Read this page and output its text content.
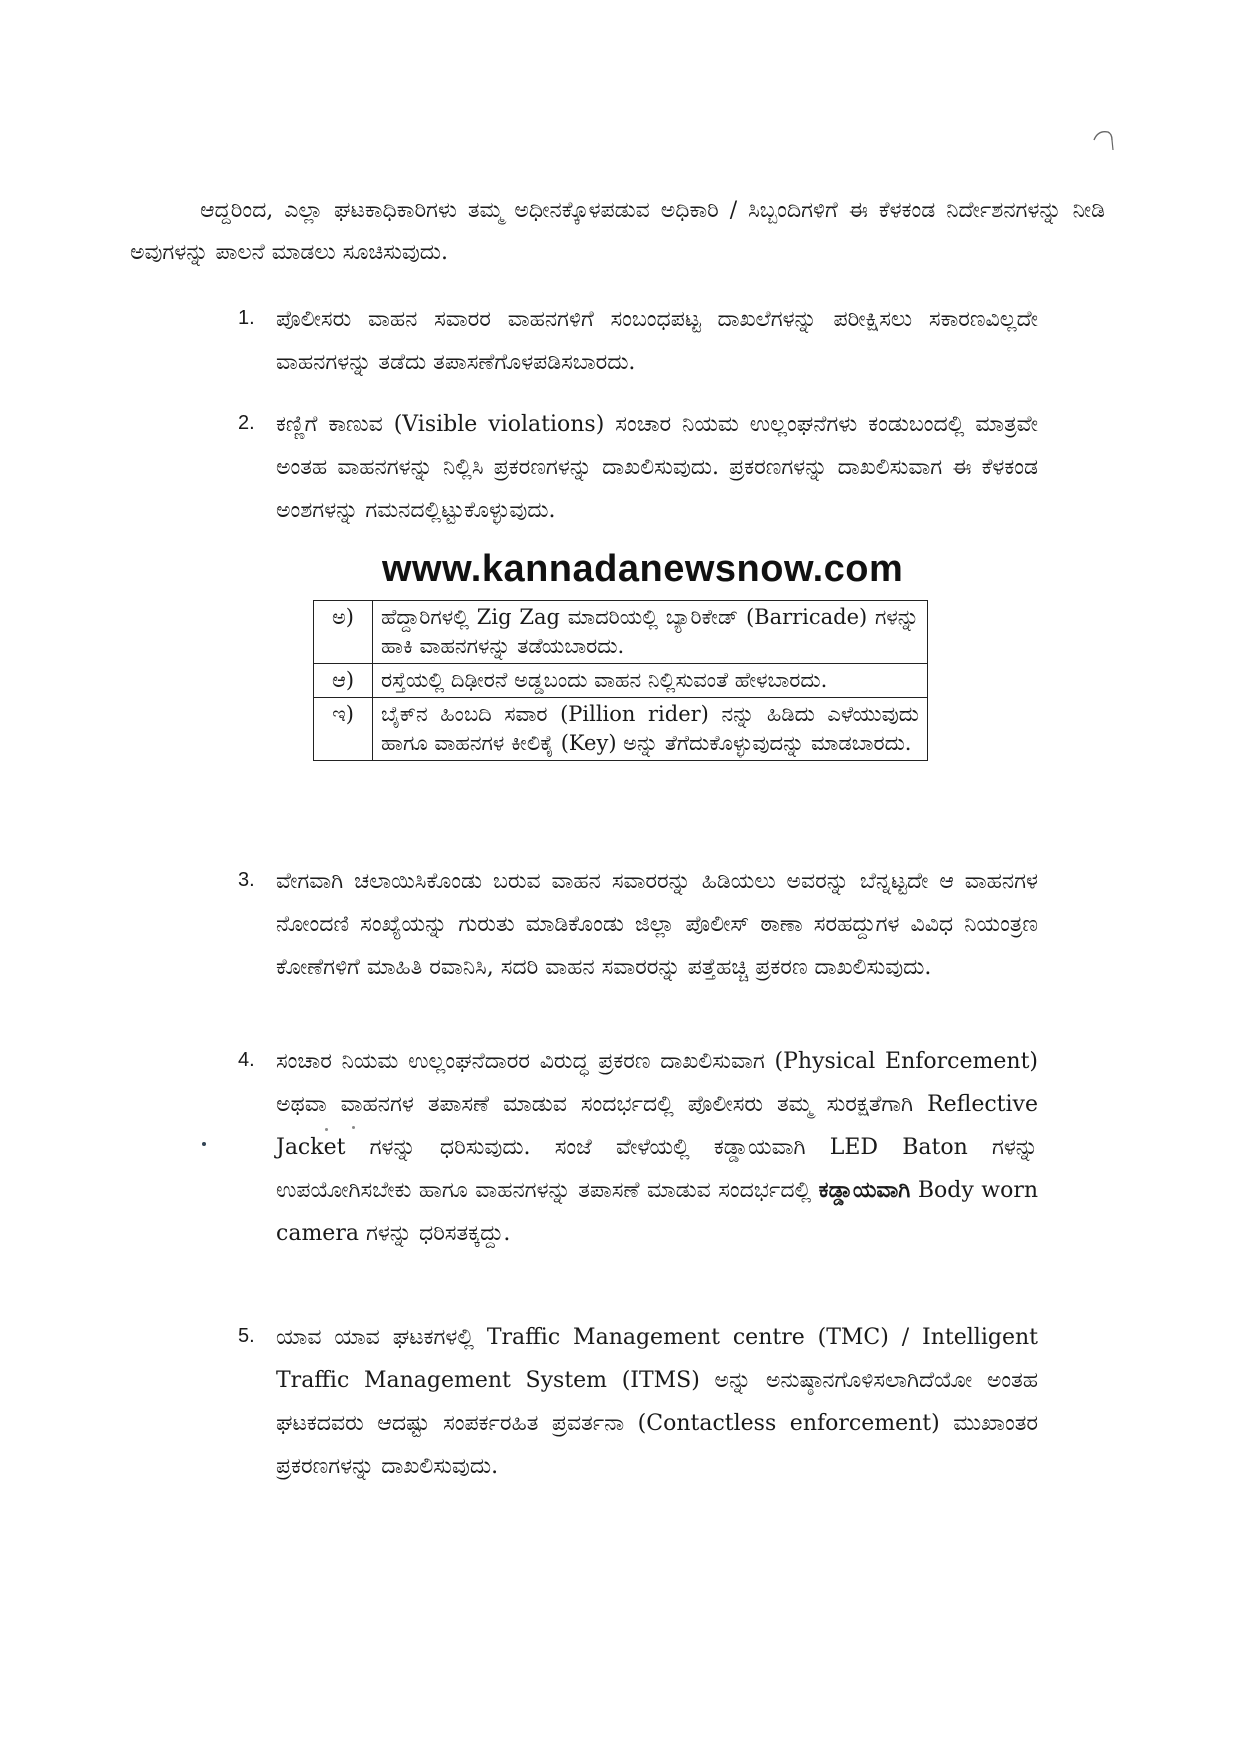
ಆದ್ದರಿಂದ, ಎಲ್ಲಾ ಘಟಕಾಧಿಕಾರಿಗಳು ತಮ್ಮ ಅಧೀನಕ್ಕೊಳಪಡುವ ಅಧಿಕಾರಿ / ಸಿಬ್ಬಂದಿಗಳಿಗೆ ಈ ಕೆಳಕಂಡ ನಿರ್ದೇಶನಗಳನ್ನು ನೀಡಿ ಅವುಗಳನ್ನು ಪಾಲನೆ ಮಾಡಲು ಸೂಚಿಸುವುದು.

1. ಪೊಲೀಸರು ವಾಹನ ಸವಾರರ ವಾಹನಗಳಿಗೆ ಸಂಬಂಧಪಟ್ಟ ದಾಖಲೆಗಳನ್ನು ಪರೀಕ್ಷಿಸಲು ಸಕಾರಣವಿಲ್ಲದೇ ವಾಹನಗಳನ್ನು ತಡೆದು ತಪಾಸಣೆಗೊಳಪಡಿಸಬಾರದು.

2. ಕಣ್ಣಿಗೆ ಕಾಣುವ (Visible violations) ಸಂಚಾರ ನಿಯಮ ಉಲ್ಲಂಘನೆಗಳು ಕಂಡುಬಂದಲ್ಲಿ ಮಾತ್ರವೇ ಅಂತಹ ವಾಹನಗಳನ್ನು ನಿಲ್ಲಿಸಿ ಪ್ರಕರಣಗಳನ್ನು ದಾಖಲಿಸುವುದು. ಪ್ರಕರಣಗಳನ್ನು ದಾಖಲಿಸುವಾಗ ಈ ಕೆಳಕಂಡ ಅಂಶಗಳನ್ನು ಗಮನದಲ್ಲಿಟ್ಟುಕೊಳ್ಳುವುದು.

www.kannadanewsnow.com
ಅ)	ಹೆದ್ದಾರಿಗಳಲ್ಲಿ Zig Zag ಮಾದರಿಯಲ್ಲಿ ಬ್ಯಾರಿಕೇಡ್ (Barricade) ಗಳನ್ನು ಹಾಕಿ ವಾಹನಗಳನ್ನು ತಡೆಯಬಾರದು.
ಆ)	ರಸ್ತೆಯಲ್ಲಿ ದಿಢೀರನೆ ಅಡ್ಡಬಂದು ವಾಹನ ನಿಲ್ಲಿಸುವಂತೆ ಹೇಳಬಾರದು.
ಇ)	ಬೈಕ್‌ನ ಹಿಂಬದಿ ಸವಾರ (Pillion rider) ನನ್ನು ಹಿಡಿದು ಎಳೆಯುವುದು ಹಾಗೂ ವಾಹನಗಳ ಕೀಲಿಕೈ (Key) ಅನ್ನು ತೆಗೆದುಕೊಳ್ಳುವುದನ್ನು ಮಾಡಬಾರದು.
3. ವೇಗವಾಗಿ ಚಲಾಯಿಸಿಕೊಂಡು ಬರುವ ವಾಹನ ಸವಾರರನ್ನು ಹಿಡಿಯಲು ಅವರನ್ನು ಬೆನ್ನಟ್ಟದೇ ಆ ವಾಹನಗಳ ನೋಂದಣಿ ಸಂಖ್ಯೆಯನ್ನು ಗುರುತು ಮಾಡಿಕೊಂಡು ಜಿಲ್ಲಾ ಪೊಲೀಸ್ ಠಾಣಾ ಸರಹದ್ದುಗಳ ವಿವಿಧ ನಿಯಂತ್ರಣ ಕೋಣೆಗಳಿಗೆ ಮಾಹಿತಿ ರವಾನಿಸಿ, ಸದರಿ ವಾಹನ ಸವಾರರನ್ನು ಪತ್ತೆಹಚ್ಚಿ ಪ್ರಕರಣ ದಾಖಲಿಸುವುದು.

4. ಸಂಚಾರ ನಿಯಮ ಉಲ್ಲಂಘನೆದಾರರ ವಿರುದ್ಧ ಪ್ರಕರಣ ದಾಖಲಿಸುವಾಗ (Physical Enforcement) ಅಥವಾ ವಾಹನಗಳ ತಪಾಸಣೆ ಮಾಡುವ ಸಂದರ್ಭದಲ್ಲಿ ಪೊಲೀಸರು ತಮ್ಮ ಸುರಕ್ಷತೆಗಾಗಿ Reflective Jacket ಗಳನ್ನು ಧರಿಸುವುದು. ಸಂಜೆ ವೇಳೆಯಲ್ಲಿ ಕಡ್ಡಾಯವಾಗಿ LED Baton ಗಳನ್ನು ಉಪಯೋಗಿಸಬೇಕು ಹಾಗೂ ವಾಹನಗಳನ್ನು ತಪಾಸಣೆ ಮಾಡುವ ಸಂದರ್ಭದಲ್ಲಿ ಕಡ್ಡಾಯವಾಗಿ Body worn camera ಗಳನ್ನು ಧರಿಸತಕ್ಕದ್ದು.

5. ಯಾವ ಯಾವ ಘಟಕಗಳಲ್ಲಿ Traffic Management centre (TMC) / Intelligent Traffic Management System (ITMS) ಅನ್ನು ಅನುಷ್ಠಾನಗೊಳಿಸಲಾಗಿದೆಯೋ ಅಂತಹ ಘಟಕದವರು ಆದಷ್ಟು ಸಂಪರ್ಕರಹಿತ ಪ್ರವರ್ತನಾ (Contactless enforcement) ಮುಖಾಂತರ ಪ್ರಕರಣಗಳನ್ನು ದಾಖಲಿಸುವುದು.
